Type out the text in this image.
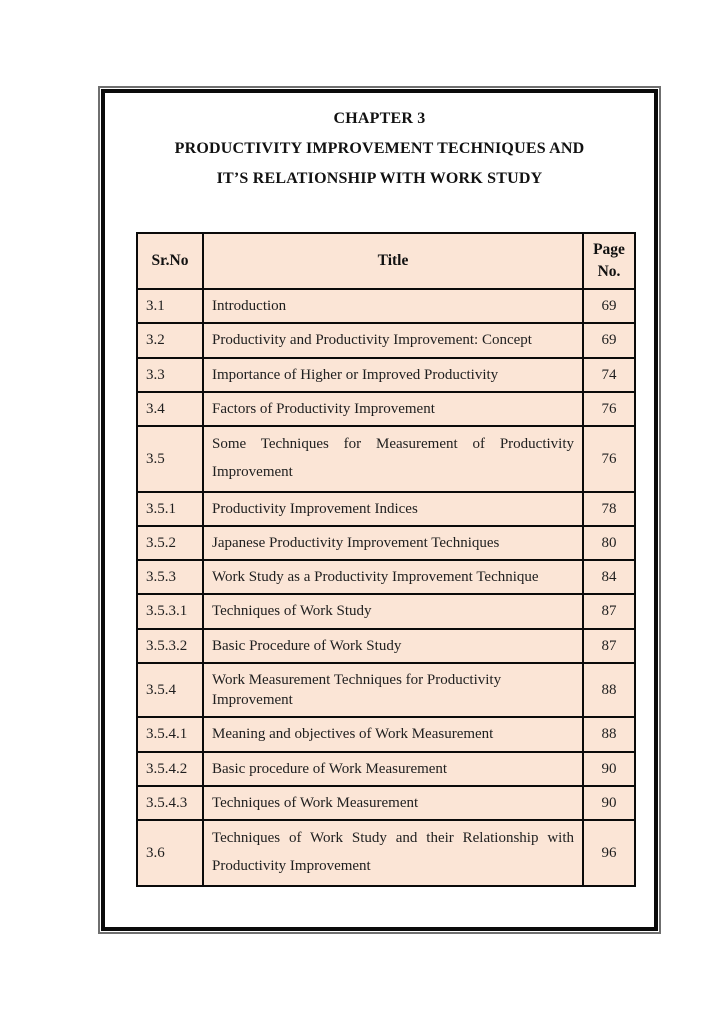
CHAPTER 3
PRODUCTIVITY IMPROVEMENT TECHNIQUES AND
IT’S RELATIONSHIP WITH WORK STUDY
Sr.No	Title	Page
No.

3.1	Introduction	69
3.2	Productivity and Productivity Improvement: Concept	69
3.3	Importance of Higher or Improved Productivity	74
3.4	Factors of Productivity Improvement	76
3.5	Some Techniques for Measurement of Productivity Improvement	76
3.5.1	Productivity Improvement Indices	78
3.5.2	Japanese Productivity Improvement Techniques	80
3.5.3	Work Study as a Productivity Improvement Technique	84
3.5.3.1	Techniques of Work Study	87
3.5.3.2	Basic Procedure of Work Study	87
3.5.4	Work Measurement Techniques for Productivity Improvement	88
3.5.4.1	Meaning and objectives of Work Measurement	88
3.5.4.2	Basic procedure of Work Measurement	90
3.5.4.3	Techniques of Work Measurement	90
3.6	Techniques of Work Study and their Relationship with Productivity Improvement	96
